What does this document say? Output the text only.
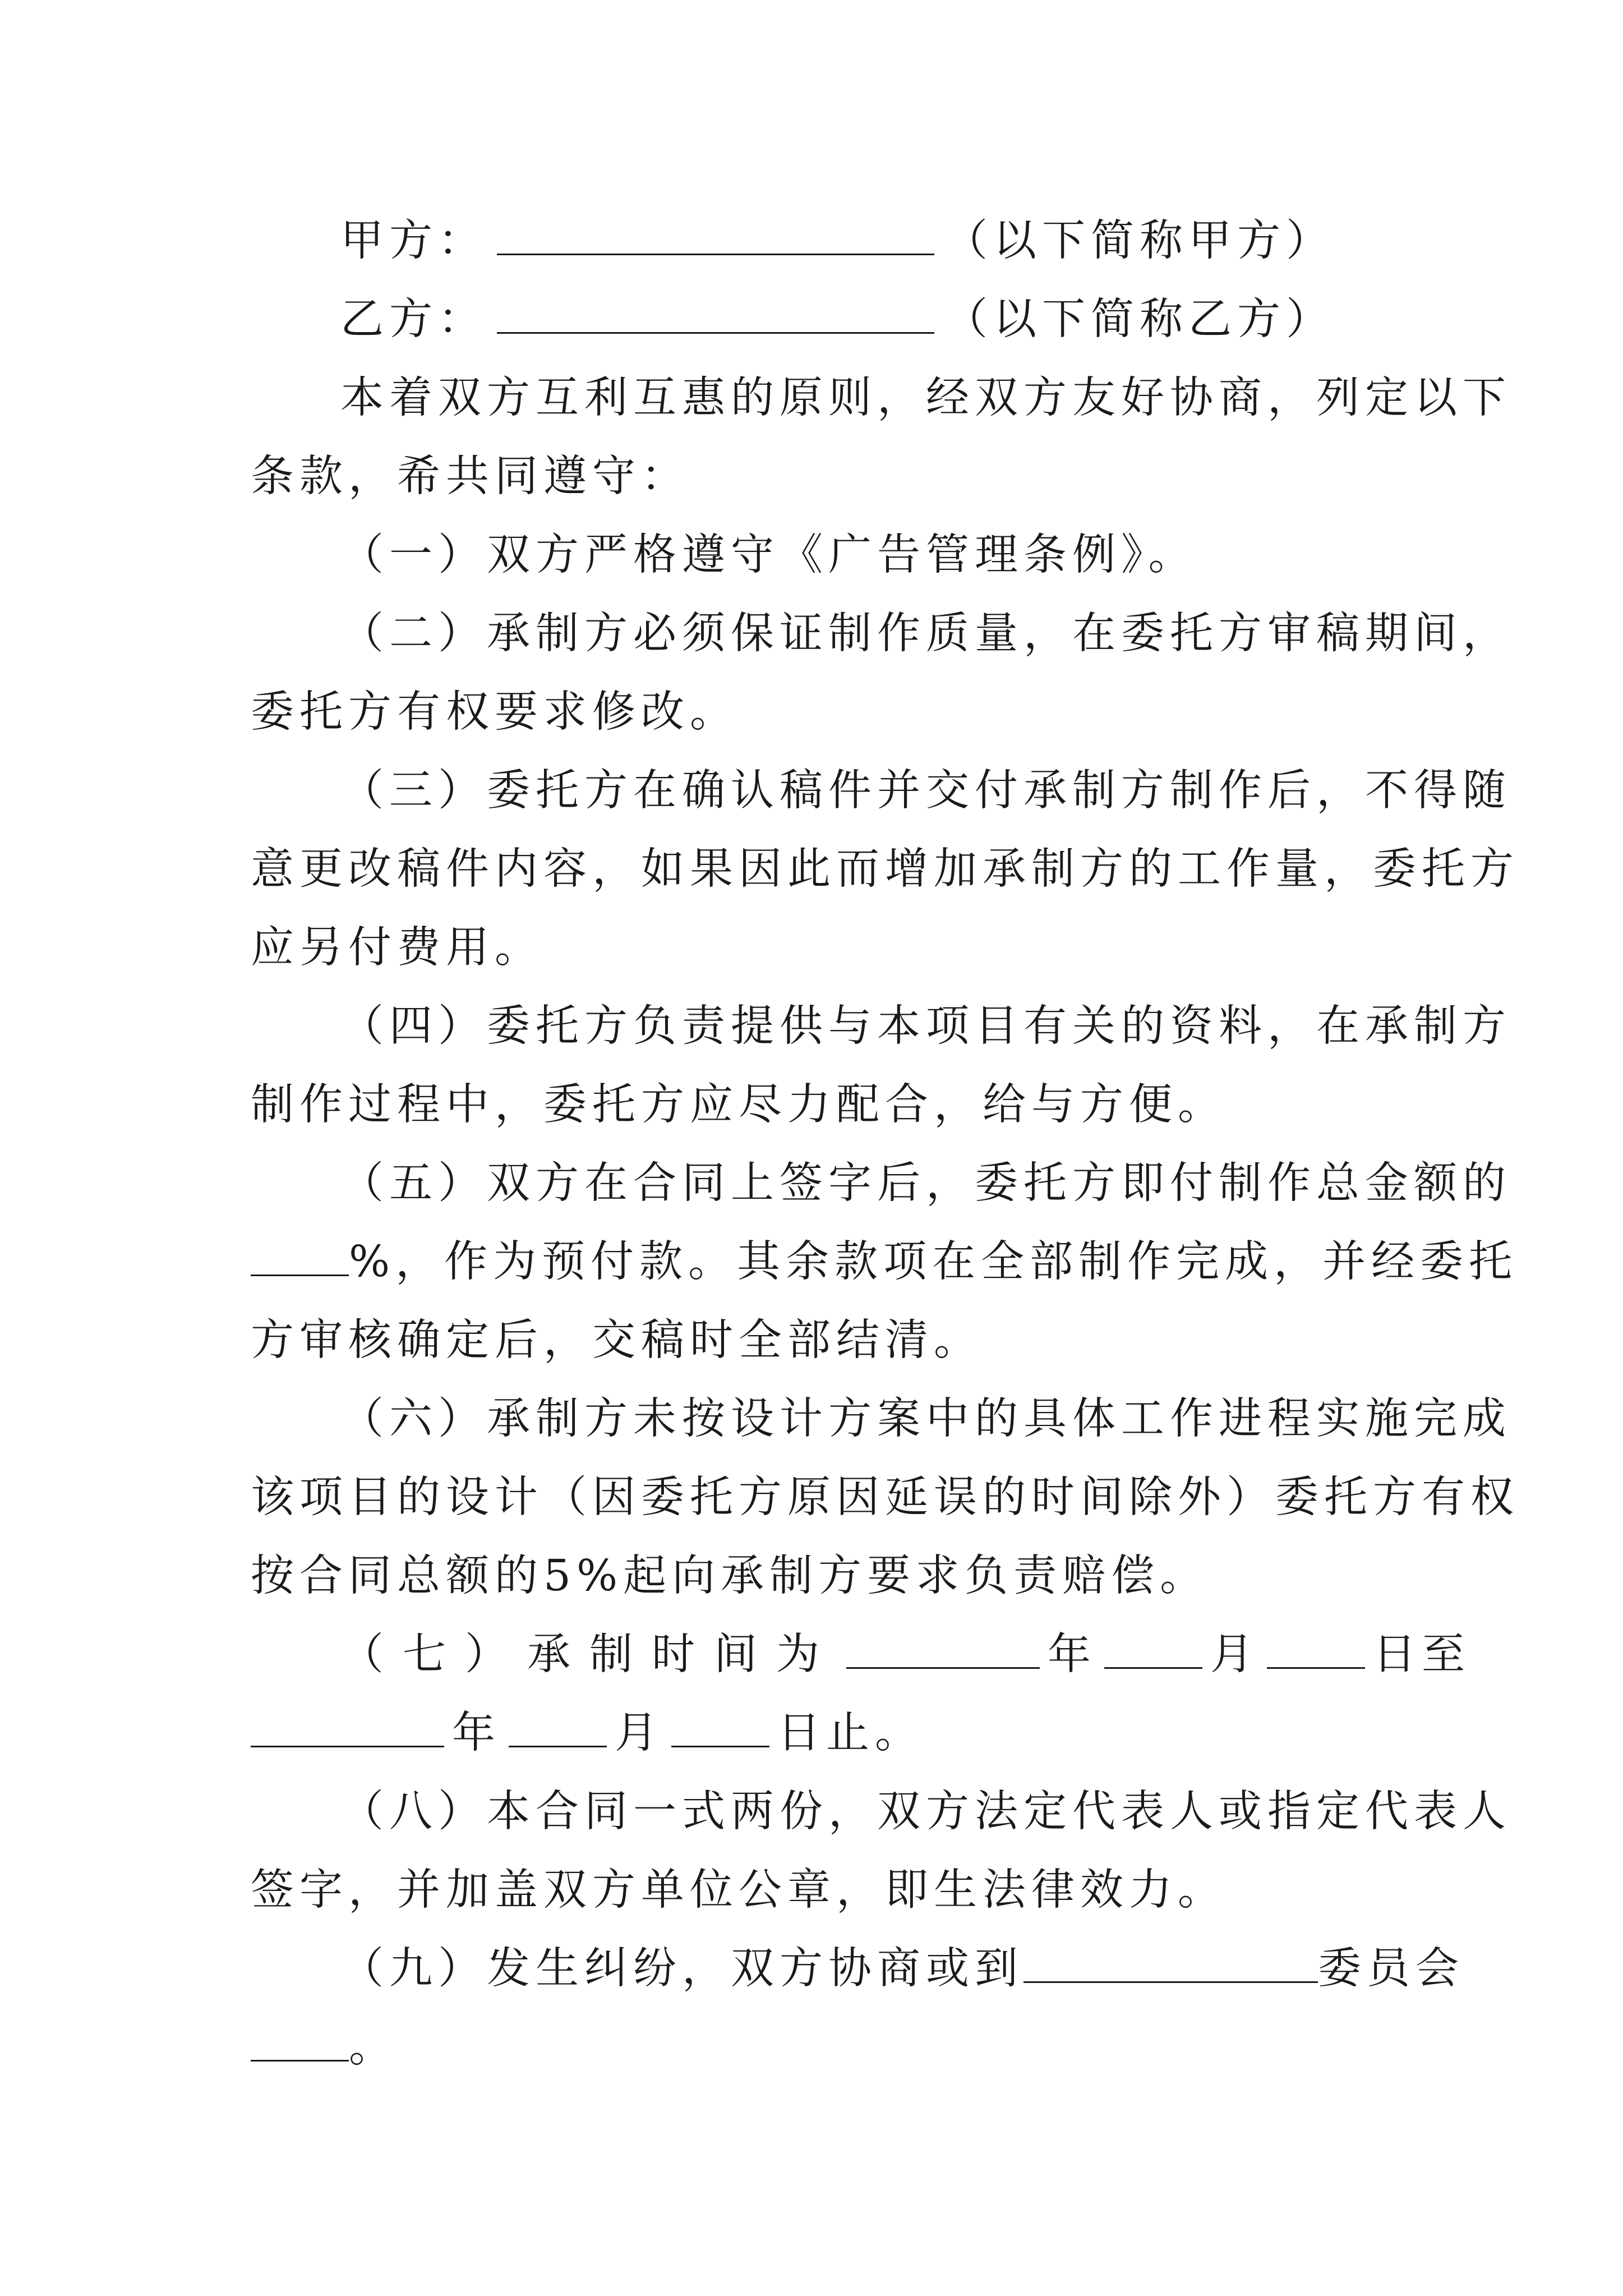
甲方：	（以下简称甲方）
乙方：	（以下简称乙方）
本着双方互利互惠的原则，经双方友好协商，列定以下
条款，希共同遵守：
（一）双方严格遵守《广告管理条例》。
（二）承制方必须保证制作质量，在委托方审稿期间，
委托方有权要求修改。
（三）委托方在确认稿件并交付承制方制作后，不得随
意更改稿件内容，如果因此而增加承制方的工作量，委托方
应另付费用。
（四）委托方负责提供与本项目有关的资料，在承制方
制作过程中，委托方应尽力配合，给与方便。
（五）双方在合同上签字后，委托方即付制作总金额的
%，作为预付款。其余款项在全部制作完成，并经委托
方审核确定后，交稿时全部结清。
（六）承制方未按设计方案中的具体工作进程实施完成
该项目的设计（因委托方原因延误的时间除外）委托方有权
按合同总额的5%起向承制方要求负责赔偿。
（七）承制时间为	年	月	日至
年	月	日止。
（八）本合同一式两份，双方法定代表人或指定代表人
签字，并加盖双方单位公章，即生法律效力。
（九）发生纠纷，双方协商或到	委员会
。
